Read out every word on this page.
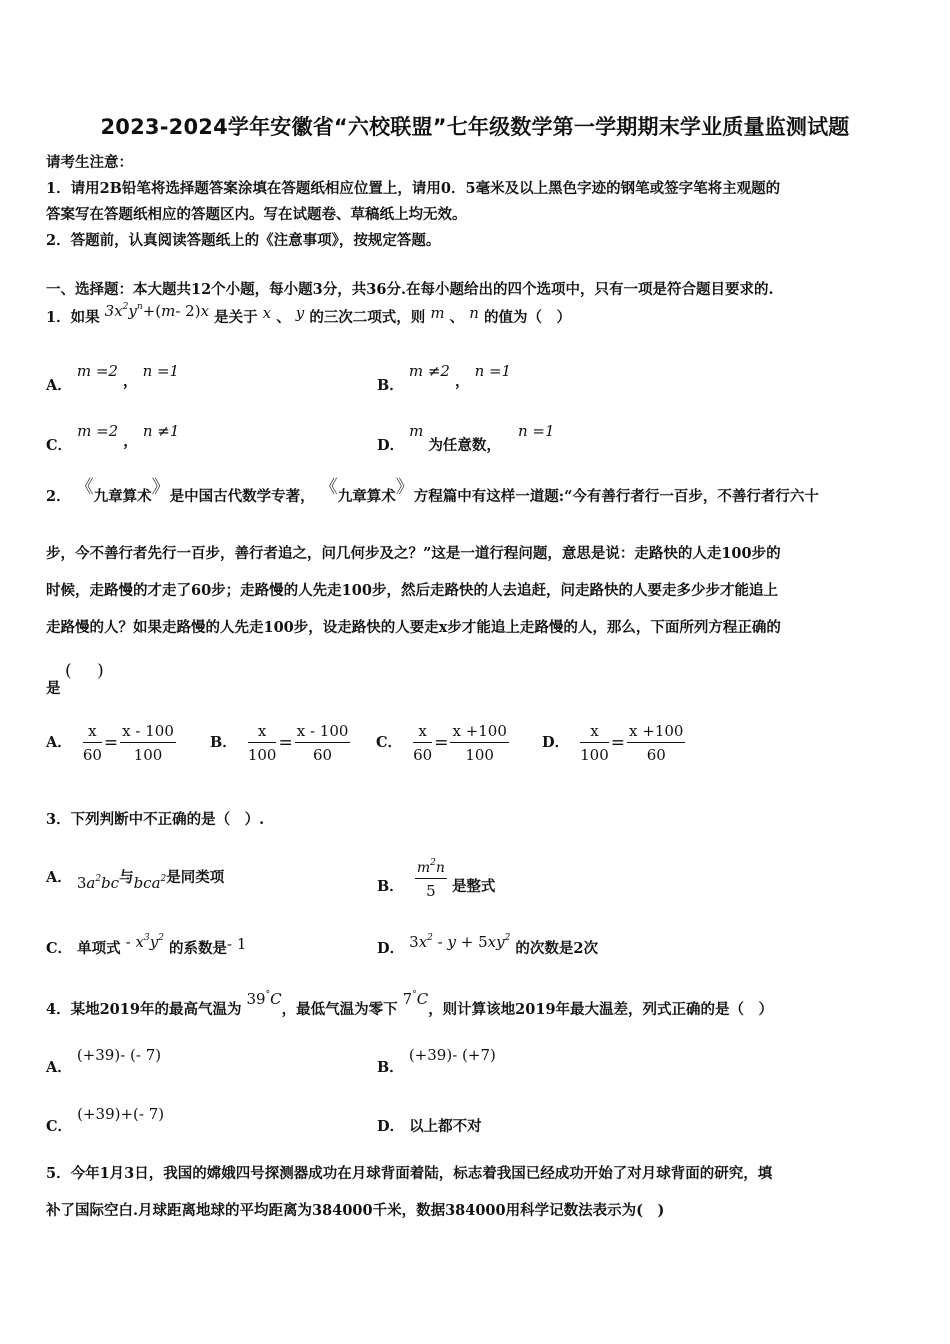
2023-2024学年安徽省“六校联盟”七年级数学第一学期期末学业质量监测试题
请考生注意：
1．请用2B铅笔将选择题答案涂填在答题纸相应位置上，请用0．5毫米及以上黑色字迹的钢笔或签字笔将主观题的
答案写在答题纸相应的答题区内。写在试题卷、草稿纸上均无效。
2．答题前，认真阅读答题纸上的《注意事项》，按规定答题。
一、选择题：本大题共12个小题，每小题3分，共36分.在每小题给出的四个选项中，只有一项是符合题目要求的.
1．如果 $3x^2y^n+(m-$ 2)x 是关于 x 、 y 的三次二项式，则 m 、 n 的值为（　）
A． m =2 ， n =1
B． m ≠2 ， n =1
C． m =2 ， n ≠1
D． m 为任意数， n =1
2． 《九章算术》是中国古代数学专著， 《九章算术》方程篇中有这样一道题:“今有善行者行一百步，不善行者行六十
步，今不善行者先行一百步，善行者追之，问几何步及之？”这是一道行程问题，意思是说：走路快的人走100步的
时候，走路慢的才走了60步；走路慢的人先走100步，然后走路快的人去追赶，问走路快的人要走多少步才能追上
走路慢的人？如果走路慢的人先走100步，设走路快的人要走x步才能追上走路慢的人，那么，下面所列方程正确的
是
(   )
A． $\frac{x}{60} = \frac{x - 100}{100}$ B． $\frac{x}{100} = \frac{x - 100}{60}$ C． $\frac{x}{60} = \frac{x +100}{100}$ D． $\frac{x}{100} = \frac{x +100}{60}$
3．下列判断中不正确的是（　）.
A． $3a^2bc$与bca$^2$是同类项
B． $\frac{m^2n}{5}$ 是整式
C． 单项式 - $x^3y^2$ 的系数是- 1	D． $3x^2 - y + 5xy^2$ 的次数是2次
4．某地2019年的最高气温为 39°C，最低气温为零下 7°C，则计算该地2019年最大温差，列式正确的是（　）
A． (+39)- (- 7)
B． (+39)- (+7)
C． (+39)+(- 7)
D． 以上都不对
5．今年1月3日，我国的嫦娥四号探测器成功在月球背面着陆，标志着我国已经成功开始了对月球背面的研究，填
补了国际空白.月球距离地球的平均距离为384000千米，数据384000用科学记数法表示为(　)
